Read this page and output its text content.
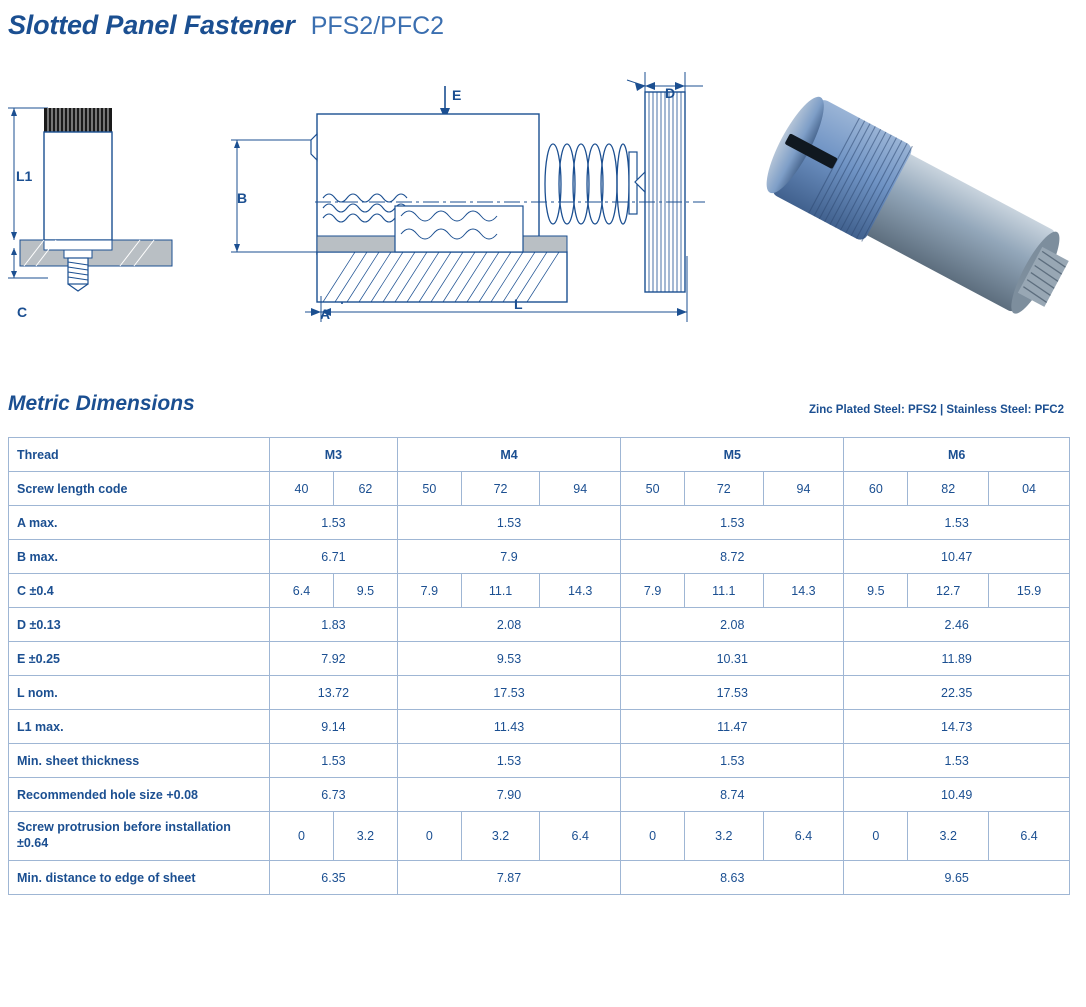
Slotted Panel Fastener PFS2/PFC2
L1
C
B
E	D
A
L
Metric Dimensions	Zinc Plated Steel: PFS2 | Stainless Steel: PFC2
Thread	M3		M4			M5			M6		
Screw length code	40	62	50	72	94	50	72	94	60	82	04
A max.	1.53		1.53			1.53			1.53		
B max.	6.71		7.9			8.72			10.47		
C ±0.4	6.4	9.5	7.9	11.1	14.3	7.9	11.1	14.3	9.5	12.7	15.9
D ±0.13	1.83		2.08			2.08			2.46		
E ±0.25	7.92		9.53			10.31			11.89		
L nom.	13.72		17.53			17.53			22.35		
L1 max.	9.14		11.43			11.47			14.73		
Min. sheet thickness	1.53		1.53			1.53			1.53		
Recommended hole size +0.08	6.73		7.90			8.74			10.49		
Screw protrusion before installation ±0.64	0	3.2	0	3.2	6.4	0	3.2	6.4	0	3.2	6.4
Min. distance to edge of sheet	6.35		7.87			8.63			9.65		
